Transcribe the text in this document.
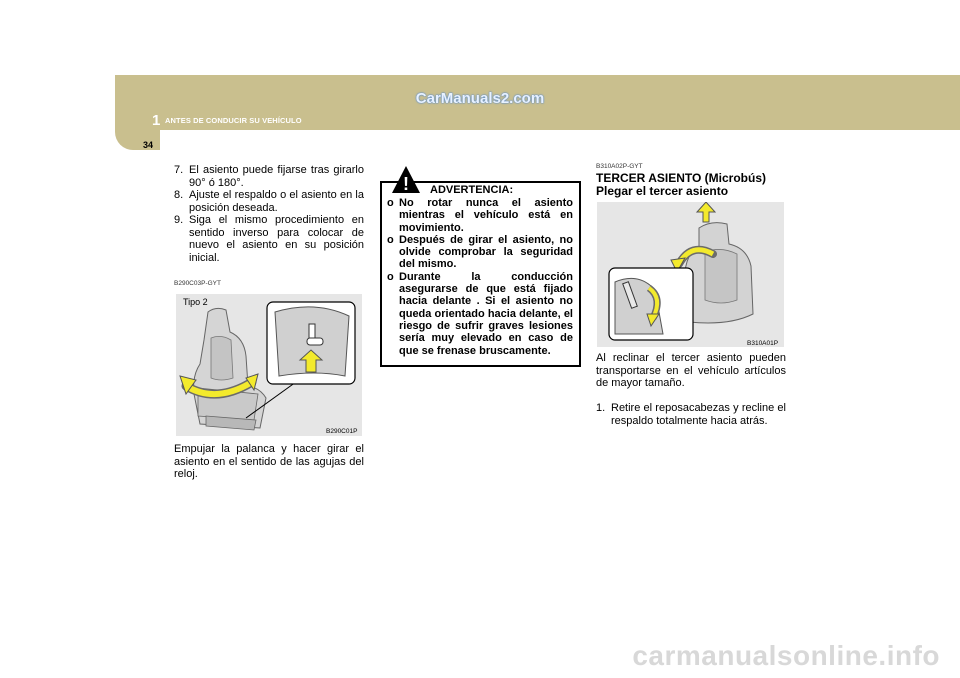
CarManuals2.com
1 ANTES DE CONDUCIR SU VEHÍCULO
34
7. El asiento puede fijarse tras girarlo 90° ó 180°.
8. Ajuste el respaldo o el asiento en la posición deseada.
9. Siga el mismo procedimiento en sentido inverso para colocar de nuevo el asiento en su posición inicial.
B290C03P-GYT
Tipo 2
B290C01P
Empujar la palanca y hacer girar el asiento en el sentido de las agujas del reloj.
! ADVERTENCIA:
o No rotar nunca el asiento mientras el vehículo está en movimiento.
o Después de girar el asiento, no olvide comprobar la seguridad del mismo.
o Durante la conducción asegurarse de que está fijado hacia delante . Si el asiento no queda orientado hacia delante, el riesgo de sufrir graves lesiones sería muy elevado en caso de que se frenase bruscamente.
B310A02P-GYT
TERCER ASIENTO (Microbús)
Plegar el tercer asiento
B310A01P
Al reclinar el tercer asiento pueden transportarse en el vehículo artículos de mayor tamaño.
1. Retire el reposacabezas y recline el respaldo totalmente hacia atrás.
carmanualsonline.info
